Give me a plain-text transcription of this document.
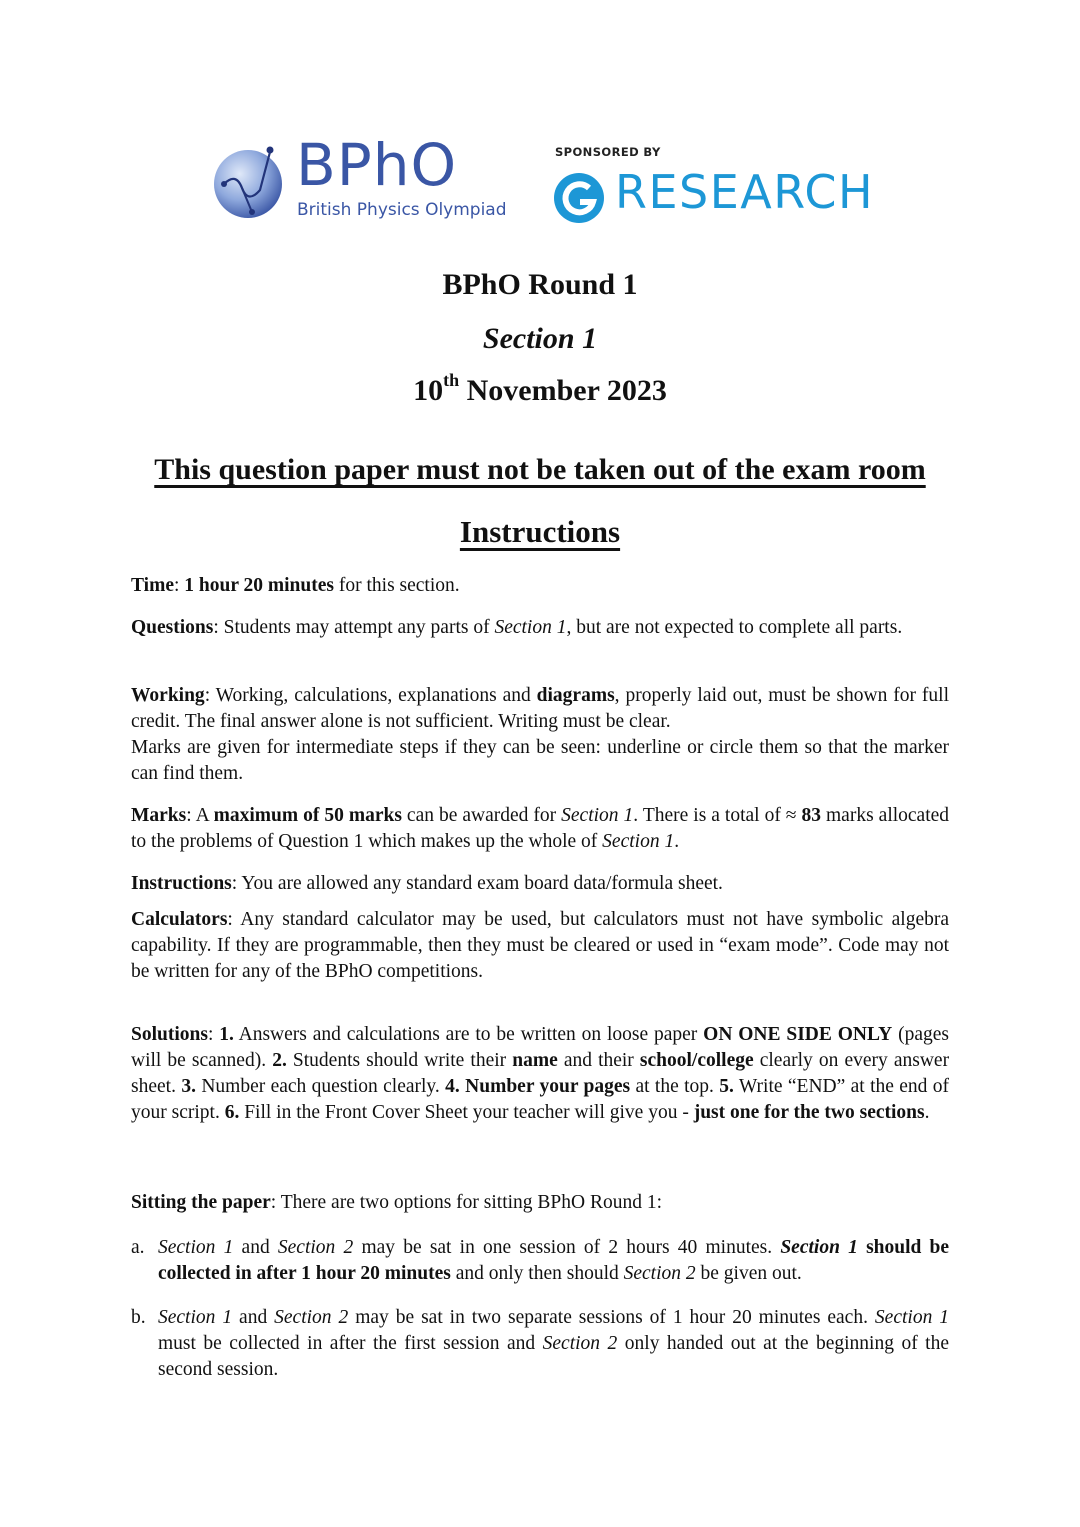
BPhO
British Physics Olympiad
SPONSORED BY
RESEARCH
BPhO Round 1
Section 1
10th November 2023
This question paper must not be taken out of the exam room
Instructions
Time: 1 hour 20 minutes for this section.
Questions: Students may attempt any parts of Section 1, but are not expected to complete all parts.
Working: Working, calculations, explanations and diagrams, properly laid out, must be shown for full credit. The final answer alone is not sufficient. Writing must be clear.
Marks are given for intermediate steps if they can be seen: underline or circle them so that the marker can find them.
Marks: A maximum of 50 marks can be awarded for Section 1. There is a total of ≈ 83 marks allocated to the problems of Question 1 which makes up the whole of Section 1.
Instructions: You are allowed any standard exam board data/formula sheet.
Calculators: Any standard calculator may be used, but calculators must not have symbolic algebra capability. If they are programmable, then they must be cleared or used in “exam mode”. Code may not be written for any of the BPhO competitions.
Solutions: 1. Answers and calculations are to be written on loose paper ON ONE SIDE ONLY (pages will be scanned). 2. Students should write their name and their school/college clearly on every answer sheet. 3. Number each question clearly. 4. Number your pages at the top. 5. Write “END” at the end of your script. 6. Fill in the Front Cover Sheet your teacher will give you - just one for the two sections.
Sitting the paper: There are two options for sitting BPhO Round 1:
a. Section 1 and Section 2 may be sat in one session of 2 hours 40 minutes. Section 1 should be collected in after 1 hour 20 minutes and only then should Section 2 be given out.
b. Section 1 and Section 2 may be sat in two separate sessions of 1 hour 20 minutes each. Section 1 must be collected in after the first session and Section 2 only handed out at the beginning of the second session.
